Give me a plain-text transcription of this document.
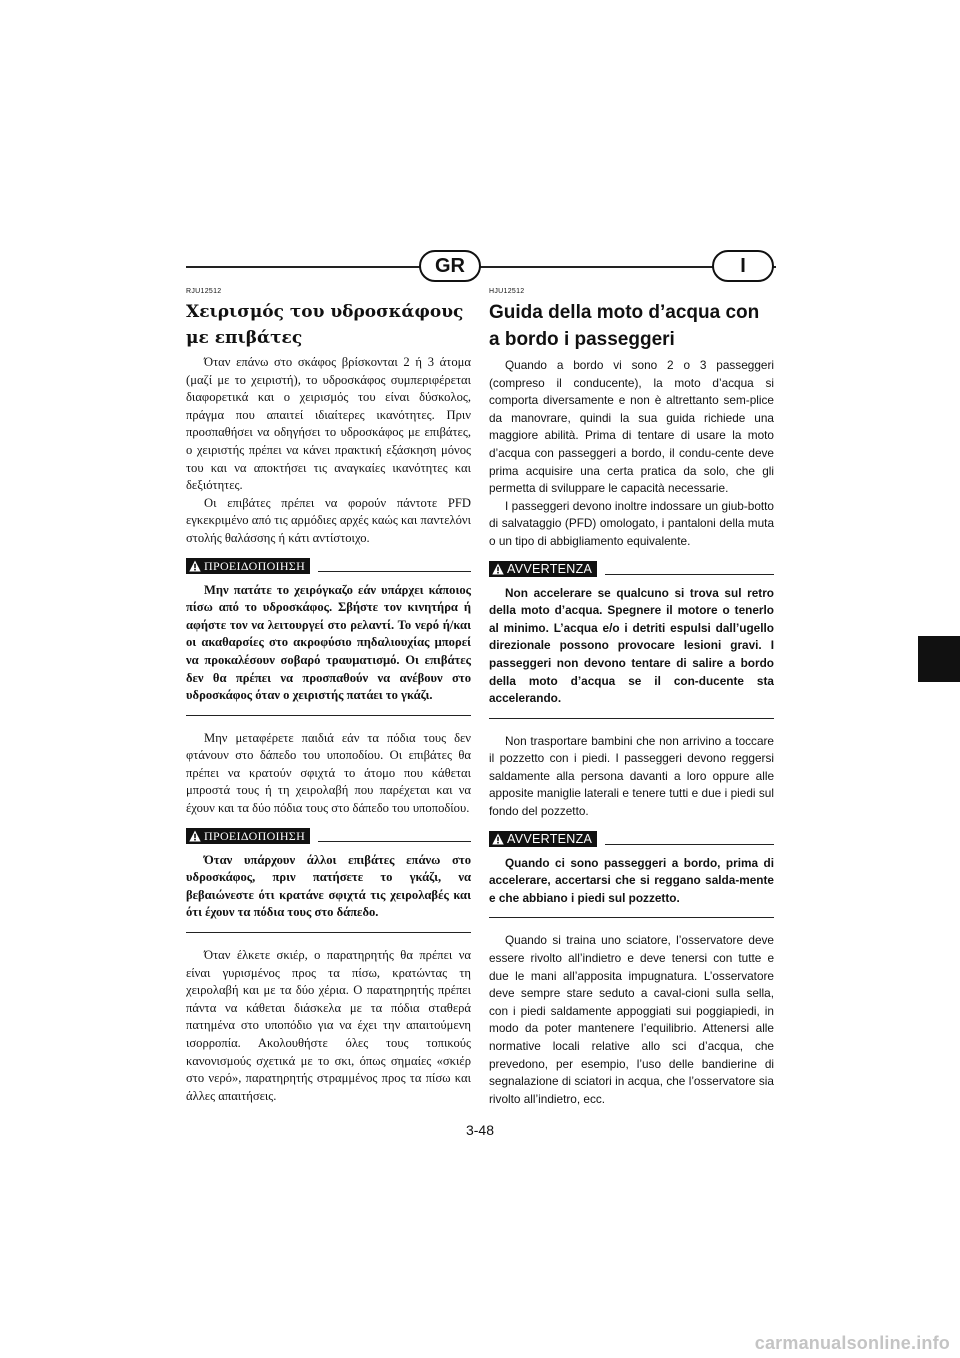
GR	I
RJU12512
Χειρισμός του υδροσκάφους με επιβάτες

Όταν επάνω στο σκάφος βρίσκονται 2 ή 3 άτομα (μαζί με το χειριστή), το υδροσκάφος συμπεριφέρεται διαφορετικά και ο χειρισμός του είναι δύσκολος, πράγμα που απαιτεί ιδιαίτερες ικανότητες. Πριν προσπαθήσει να οδηγήσει το υδροσκάφος με επιβάτες, ο χειριστής πρέπει να κάνει πρακτική εξάσκηση μόνος του και να αποκτήσει τις αναγκαίες ικανότητες και δεξιότητες.

Οι επιβάτες πρέπει να φορούν πάντοτε PFD εγκεκριμένο από τις αρμόδιες αρχές καώς και παντελόνι στολής θαλάσσης ή κάτι αντίστοιχο.

ΠΡΟΕΙΔΟΠΟΙΗΣΗ

Μην πατάτε το χειρόγκαζο εάν υπάρχει κάποιος πίσω από το υδροσκάφος. Σβήστε τον κινητήρα ή αφήστε τον να λειτουργεί στο ρελαντί. Το νερό ή/και οι ακαθαρσίες στο ακροφύσιο πηδαλιουχίας μπορεί να προκαλέσουν σοβαρό τραυματισμό. Οι επιβάτες δεν θα πρέπει να προσπαθούν να ανέβουν στο υδροσκάφος όταν ο χειριστής πατάει το γκάζι.

Μην μεταφέρετε παιδιά εάν τα πόδια τους δεν φτάνουν στο δάπεδο του υποποδίου. Οι επιβάτες θα πρέπει να κρατούν σφιχτά το άτομο που κάθεται μπροστά τους ή τη χειρολαβή που παρέχεται και να έχουν και τα δύο πόδια τους στο δάπεδο του υποποδίου.

ΠΡΟΕΙΔΟΠΟΙΗΣΗ

Όταν υπάρχουν άλλοι επιβάτες επάνω στο υδροσκάφος, πριν πατήσετε το γκάζι, να βεβαιώνεστε ότι κρατάνε σφιχτά τις χειρολαβές και ότι έχουν τα πόδια τους στο δάπεδο.

Όταν έλκετε σκιέρ, ο παρατηρητής θα πρέπει να είναι γυρισμένος προς τα πίσω, κρατώντας τη χειρολαβή και με τα δύο χέρια. Ο παρατηρητής πρέπει πάντα να κάθεται διάσκελα με τα πόδια σταθερά πατημένα στο υποπόδιο για να έχει την απαιτούμενη ισορροπία. Ακολουθήστε όλες τους τοπικούς κανονισμούς σχετικά με το σκι, όπως σημαίες «σκιέρ στο νερό», παρατηρητής στραμμένος προς τα πίσω και άλλες απαιτήσεις.

HJU12512
Guida della moto d’acqua con a bordo i passeggeri

Quando a bordo vi sono 2 o 3 passeggeri (compreso il conducente), la moto d’acqua si comporta diversamente e non è altrettanto sem-plice da manovrare, quindi la sua guida richiede una maggiore abilità. Prima di tentare di usare la moto d’acqua con passeggeri a bordo, il condu-cente deve prima acquisire una certa pratica da solo, che gli permetta di sviluppare le capacità necessarie.

I passeggeri devono inoltre indossare un giub-botto di salvataggio (PFD) omologato, i pantaloni della muta o un tipo di abbigliamento equivalente.

AVVERTENZA

Non accelerare se qualcuno si trova sul retro della moto d’acqua. Spegnere il motore o tenerlo al minimo. L’acqua e/o i detriti espulsi dall’ugello direzionale possono provocare lesioni gravi. I passeggeri non devono tentare di salire a bordo della moto d’acqua se il con-ducente sta accelerando.

Non trasportare bambini che non arrivino a toccare il pozzetto con i piedi. I passeggeri devono reggersi saldamente alla persona davanti a loro oppure alle apposite maniglie laterali e tenere tutti e due i piedi sul fondo del pozzetto.

AVVERTENZA

Quando ci sono passeggeri a bordo, prima di accelerare, accertarsi che si reggano salda-mente e che abbiano i piedi sul pozzetto.

Quando si traina uno sciatore, l’osservatore deve essere rivolto all’indietro e deve tenersi con tutte e due le mani all’apposita impugnatura. L’osservatore deve sempre stare seduto a caval-cioni sulla sella, con i piedi saldamente appoggiati sui poggiapiedi, in modo da poter mantenere l’equilibrio. Attenersi alle normative locali relative allo sci d’acqua, che prevedono, per esempio, l’uso delle bandierine di segnalazione di sciatori in acqua, che l’osservatore sia rivolto all’indietro, ecc.

3-48
carmanualsonline.info
